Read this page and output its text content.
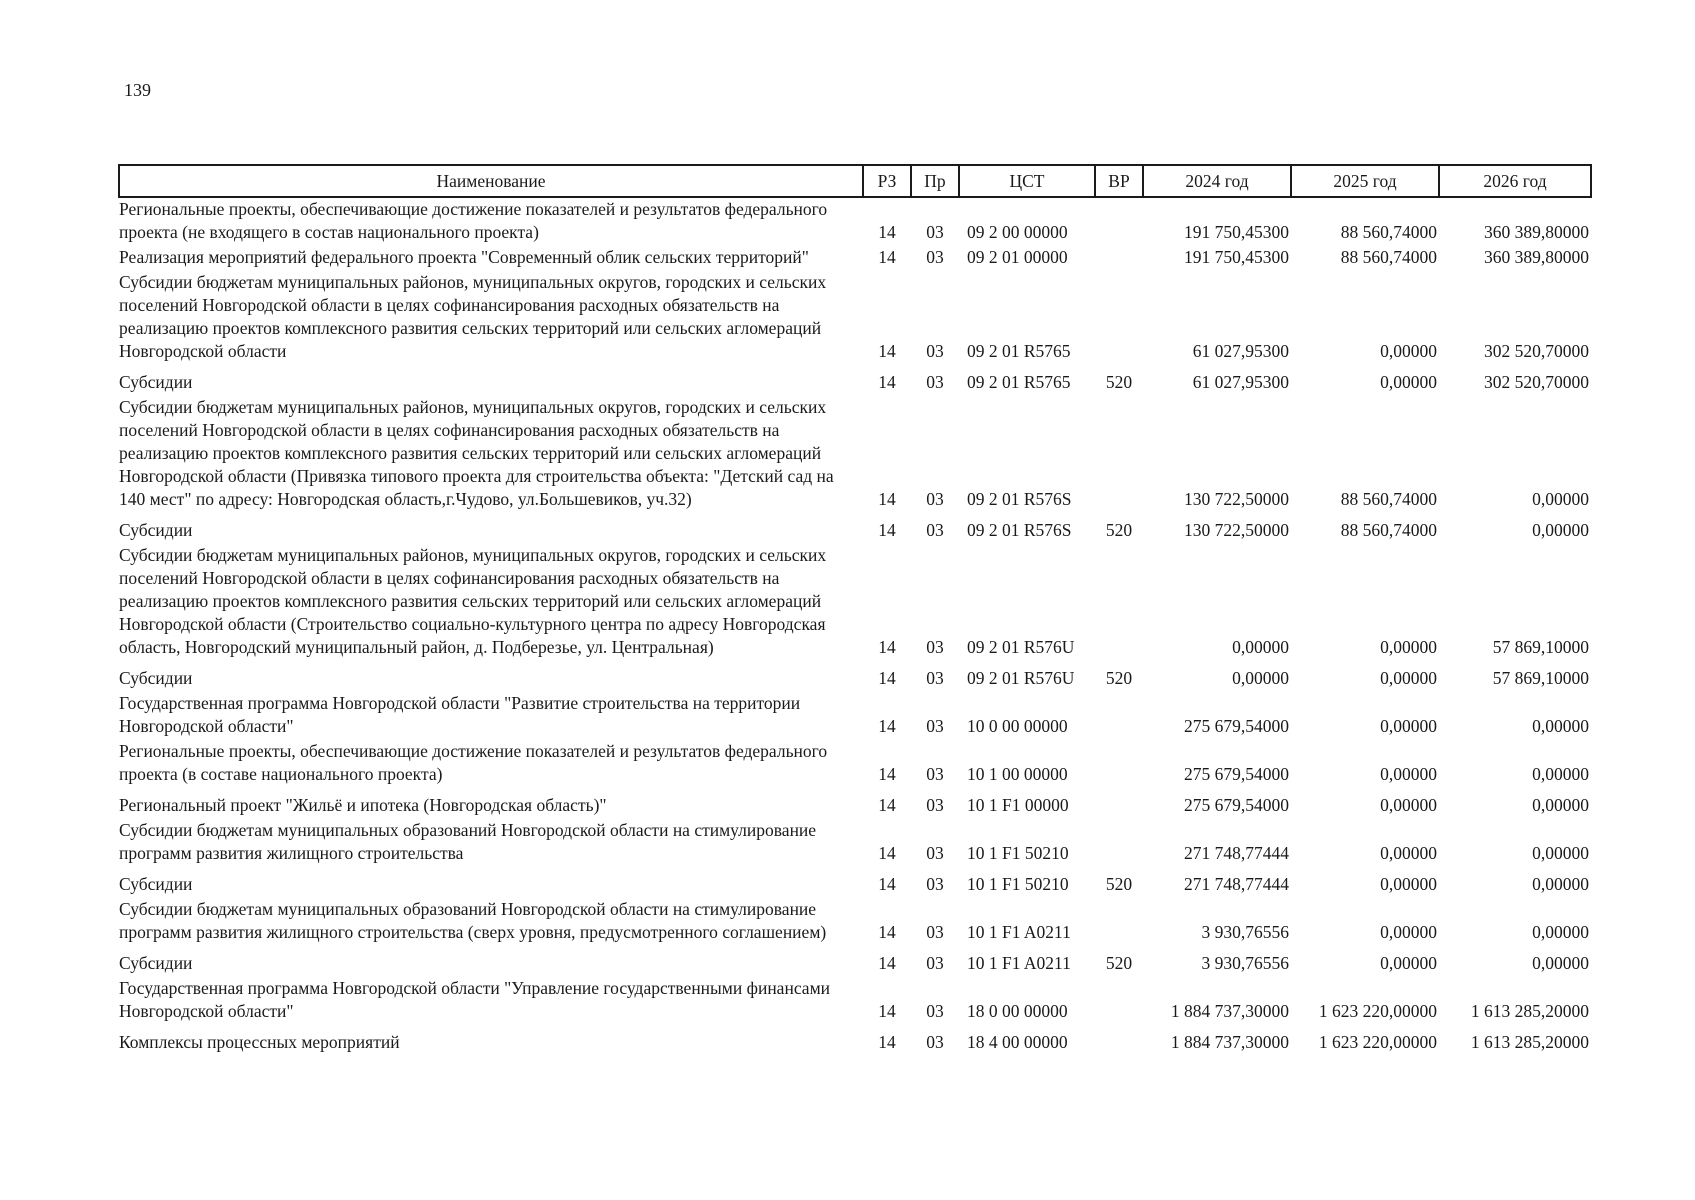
139
Наименование	РЗ	Пр	ЦСТ	ВР	2024 год	2025 год	2026 год
Региональные проекты, обеспечивающие достижение показателей и результатов федерального проекта (не входящего в состав национального проекта)	14	03	09 2 00 00000		191 750,45300	88 560,74000	360 389,80000
Реализация мероприятий федерального проекта "Современный облик сельских территорий"	14	03	09 2 01 00000		191 750,45300	88 560,74000	360 389,80000
Субсидии бюджетам муниципальных районов, муниципальных округов, городских и сельских поселений Новгородской области в целях софинансирования расходных обязательств на реализацию проектов комплексного развития сельских территорий или сельских агломераций Новгородской области	14	03	09 2 01 R5765		61 027,95300	0,00000	302 520,70000
Субсидии	14	03	09 2 01 R5765	520	61 027,95300	0,00000	302 520,70000
Субсидии бюджетам муниципальных районов, муниципальных округов, городских и сельских поселений Новгородской области в целях софинансирования расходных обязательств на реализацию проектов комплексного развития сельских территорий или сельских агломераций Новгородской области (Привязка типового проекта для строительства объекта: "Детский сад на 140 мест" по адресу: Новгородская область,г.Чудово, ул.Большевиков, уч.32)	14	03	09 2 01 R576S		130 722,50000	88 560,74000	0,00000
Субсидии	14	03	09 2 01 R576S	520	130 722,50000	88 560,74000	0,00000
Субсидии бюджетам муниципальных районов, муниципальных округов, городских и сельских поселений Новгородской области в целях софинансирования расходных обязательств на реализацию проектов комплексного развития сельских территорий или сельских агломераций Новгородской области (Строительство социально-культурного центра по адресу Новгородская область, Новгородский муниципальный район, д. Подберезье, ул. Центральная)	14	03	09 2 01 R576U		0,00000	0,00000	57 869,10000
Субсидии	14	03	09 2 01 R576U	520	0,00000	0,00000	57 869,10000
Государственная программа Новгородской области "Развитие строительства на территории Новгородской области"	14	03	10 0 00 00000		275 679,54000	0,00000	0,00000
Региональные проекты, обеспечивающие достижение показателей и результатов федерального проекта (в составе национального проекта)	14	03	10 1 00 00000		275 679,54000	0,00000	0,00000
Региональный проект "Жильё и ипотека (Новгородская область)"	14	03	10 1 F1 00000		275 679,54000	0,00000	0,00000
Субсидии бюджетам муниципальных образований Новгородской области на стимулирование программ развития жилищного строительства	14	03	10 1 F1 50210		271 748,77444	0,00000	0,00000
Субсидии	14	03	10 1 F1 50210	520	271 748,77444	0,00000	0,00000
Субсидии бюджетам муниципальных образований Новгородской области на стимулирование программ развития жилищного строительства (сверх уровня, предусмотренного соглашением)	14	03	10 1 F1 A0211		3 930,76556	0,00000	0,00000
Субсидии	14	03	10 1 F1 A0211	520	3 930,76556	0,00000	0,00000
Государственная программа Новгородской области "Управление государственными финансами Новгородской области"	14	03	18 0 00 00000		1 884 737,30000	1 623 220,00000	1 613 285,20000
Комплексы процессных мероприятий	14	03	18 4 00 00000		1 884 737,30000	1 623 220,00000	1 613 285,20000
